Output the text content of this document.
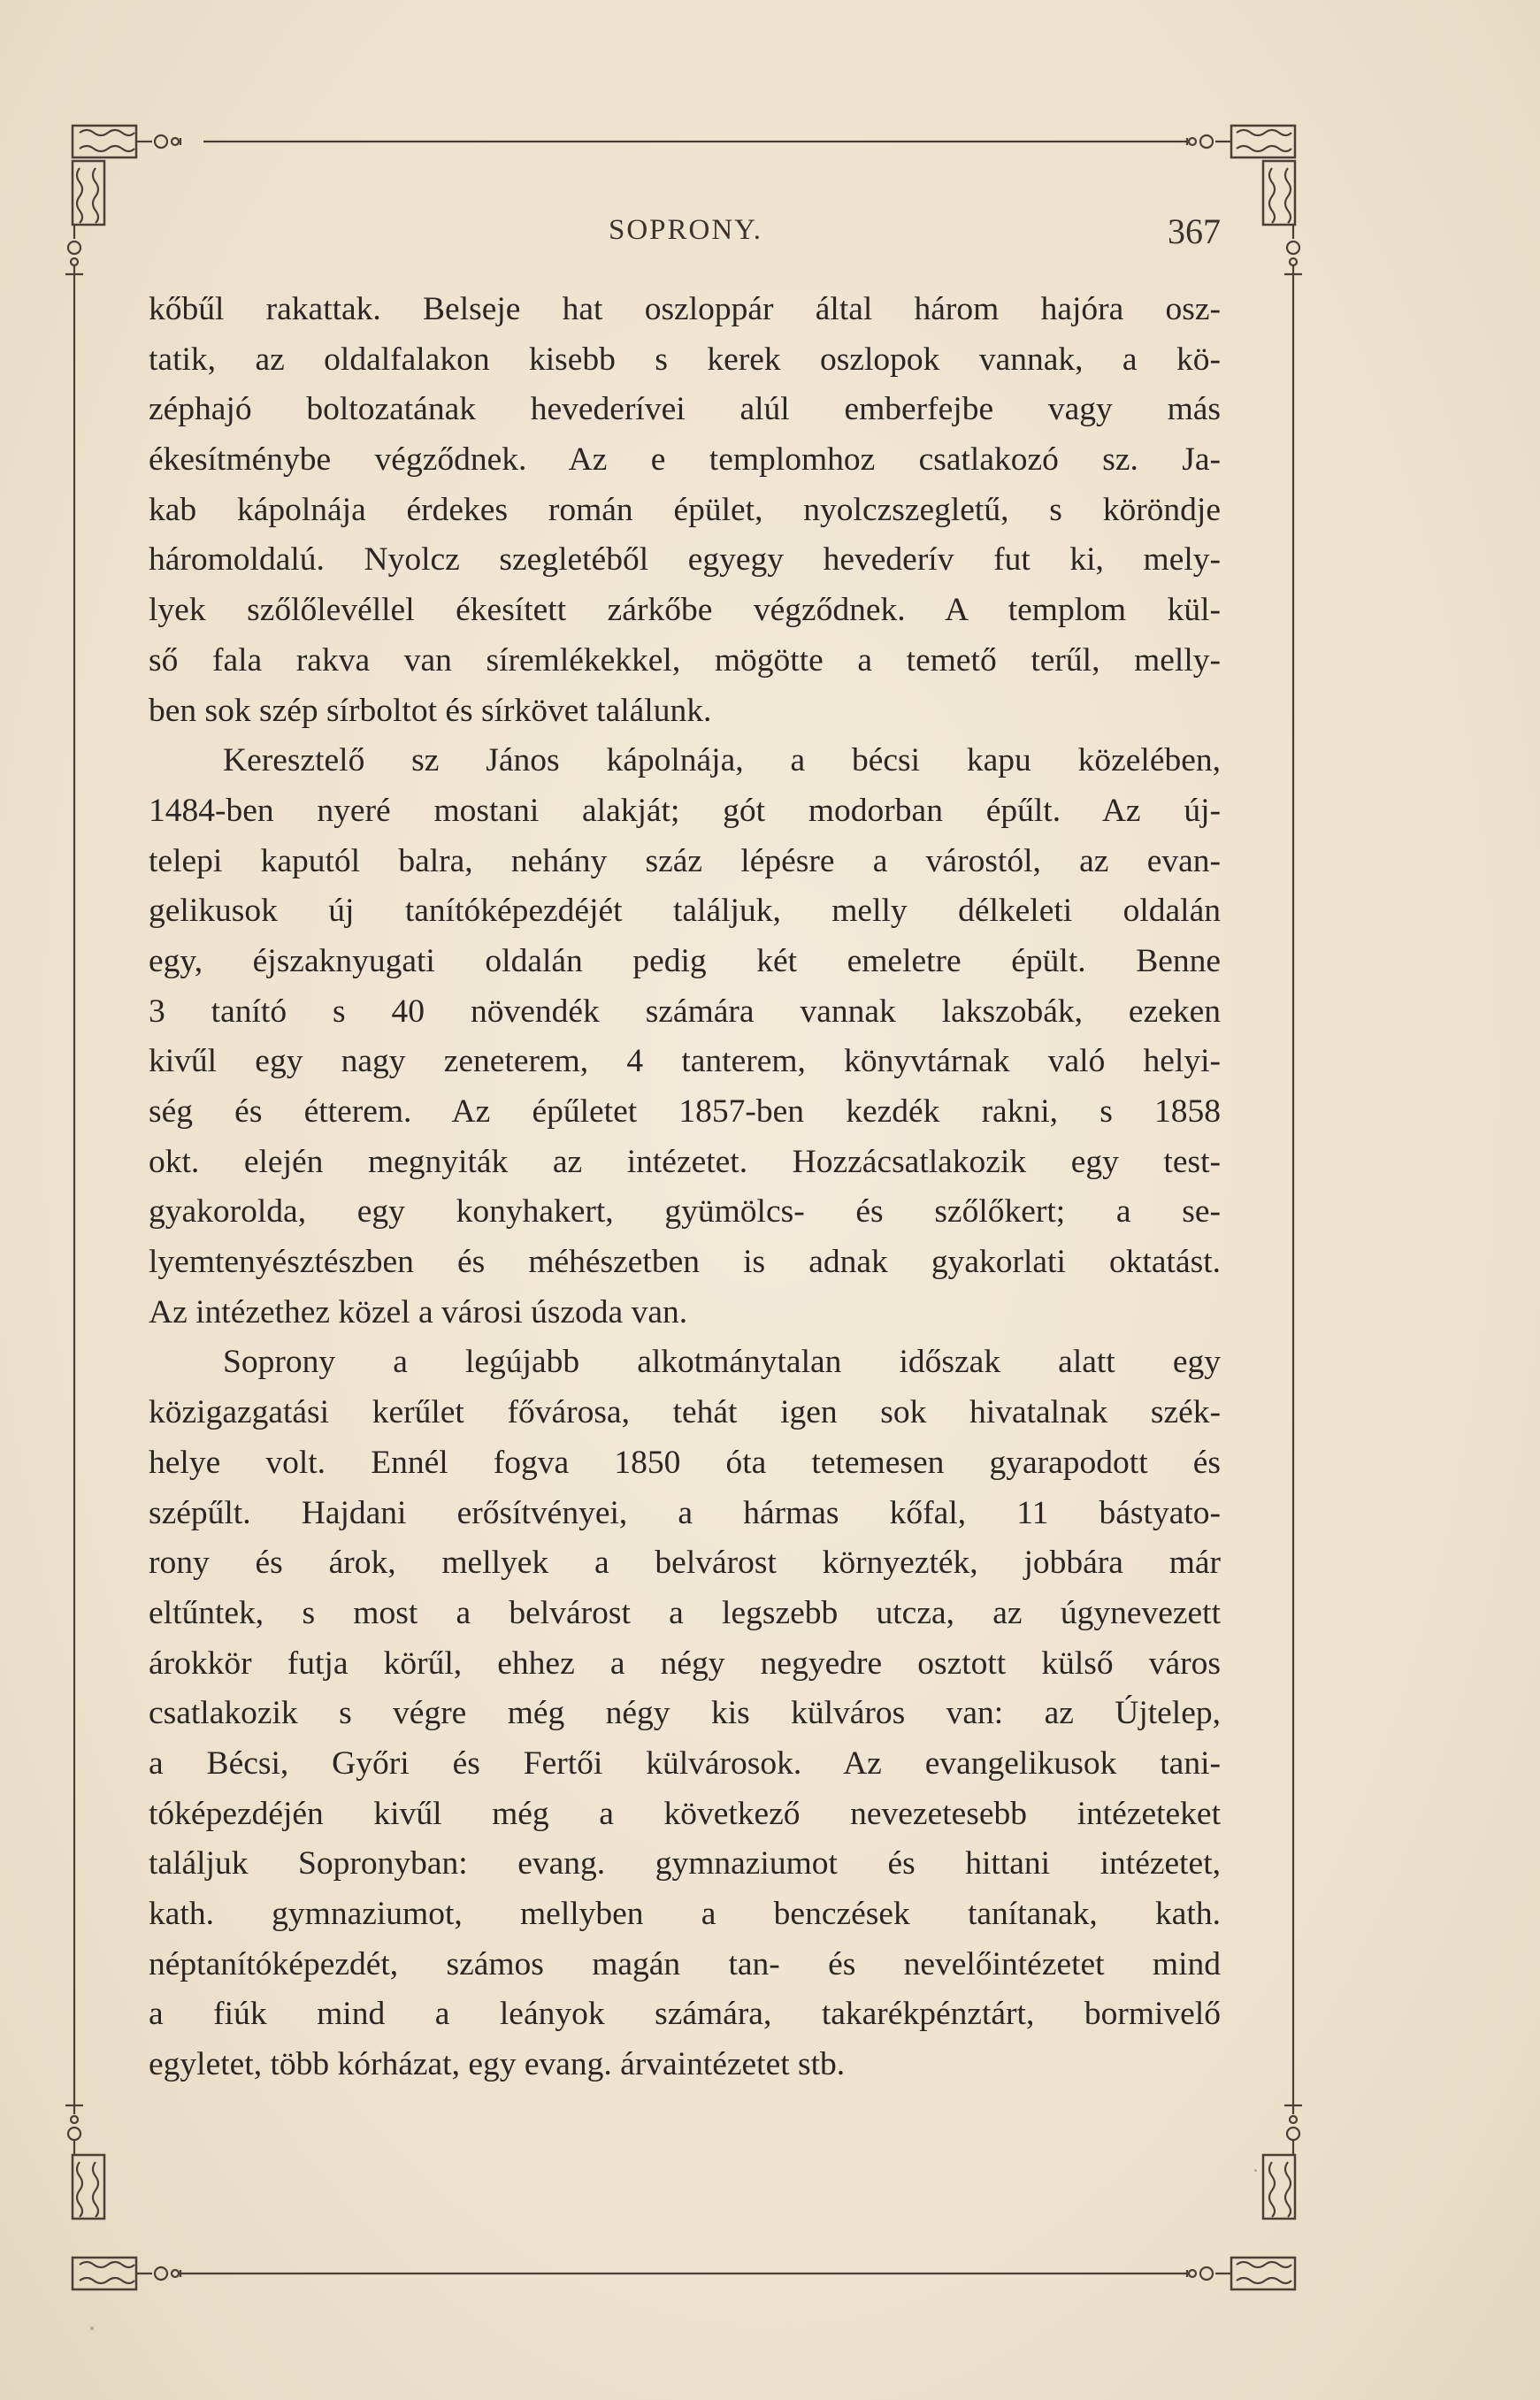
SOPRONY.	367
kőbűl rakattak. Belseje hat oszloppár által három hajóra osz-
tatik, az oldalfalakon kisebb s kerek oszlopok vannak, a kö-
zéphajó boltozatának hevederívei alúl emberfejbe vagy más
ékesítménybe végződnek. Az e templomhoz csatlakozó sz. Ja-
kab kápolnája érdekes román épület, nyolczszegletű, s köröndje
háromoldalú. Nyolcz szegletéből egyegy hevederív fut ki, mely-
lyek szőlőlevéllel ékesített zárkőbe végződnek. A templom kül-
ső fala rakva van síremlékekkel, mögötte a temető terűl, melly-
ben sok szép sírboltot és sírkövet találunk.
Keresztelő sz János kápolnája, a bécsi kapu közelében,
1484-ben nyeré mostani alakját; gót modorban épűlt. Az új-
telepi kaputól balra, nehány száz lépésre a várostól, az evan-
gelikusok új tanítóképezdéjét találjuk, melly délkeleti oldalán
egy, éjszaknyugati oldalán pedig két emeletre épült. Benne
3 tanító s 40 növendék számára vannak lakszobák, ezeken
kivűl egy nagy zeneterem, 4 tanterem, könyvtárnak való helyi-
ség és étterem. Az épűletet 1857-ben kezdék rakni, s 1858
okt. elején megnyiták az intézetet. Hozzácsatlakozik egy test-
gyakorolda, egy konyhakert, gyümölcs- és szőlőkert; a se-
lyemtenyésztészben és méhészetben is adnak gyakorlati oktatást.
Az intézethez közel a városi úszoda van.
Soprony a legújabb alkotmánytalan időszak alatt egy
közigazgatási kerűlet fővárosa, tehát igen sok hivatalnak szék-
helye volt. Ennél fogva 1850 óta tetemesen gyarapodott és
szépűlt. Hajdani erősítvényei, a hármas kőfal, 11 bástyato-
rony és árok, mellyek a belvárost környezték, jobbára már
eltűntek, s most a belvárost a legszebb utcza, az úgynevezett
árokkör futja körűl, ehhez a négy negyedre osztott külső város
csatlakozik s végre még négy kis külváros van: az Újtelep,
a Bécsi, Győri és Fertői külvárosok. Az evangelikusok tani-
tóképezdéjén kivűl még a következő nevezetesebb intézeteket
találjuk Sopronyban: evang. gymnaziumot és hittani intézetet,
kath. gymnaziumot, mellyben a benczések tanítanak, kath.
néptanítóképezdét, számos magán tan- és nevelőintézetet mind
a fiúk mind a leányok számára, takarékpénztárt, bormivelő
egyletet, több kórházat, egy evang. árvaintézetet stb.
